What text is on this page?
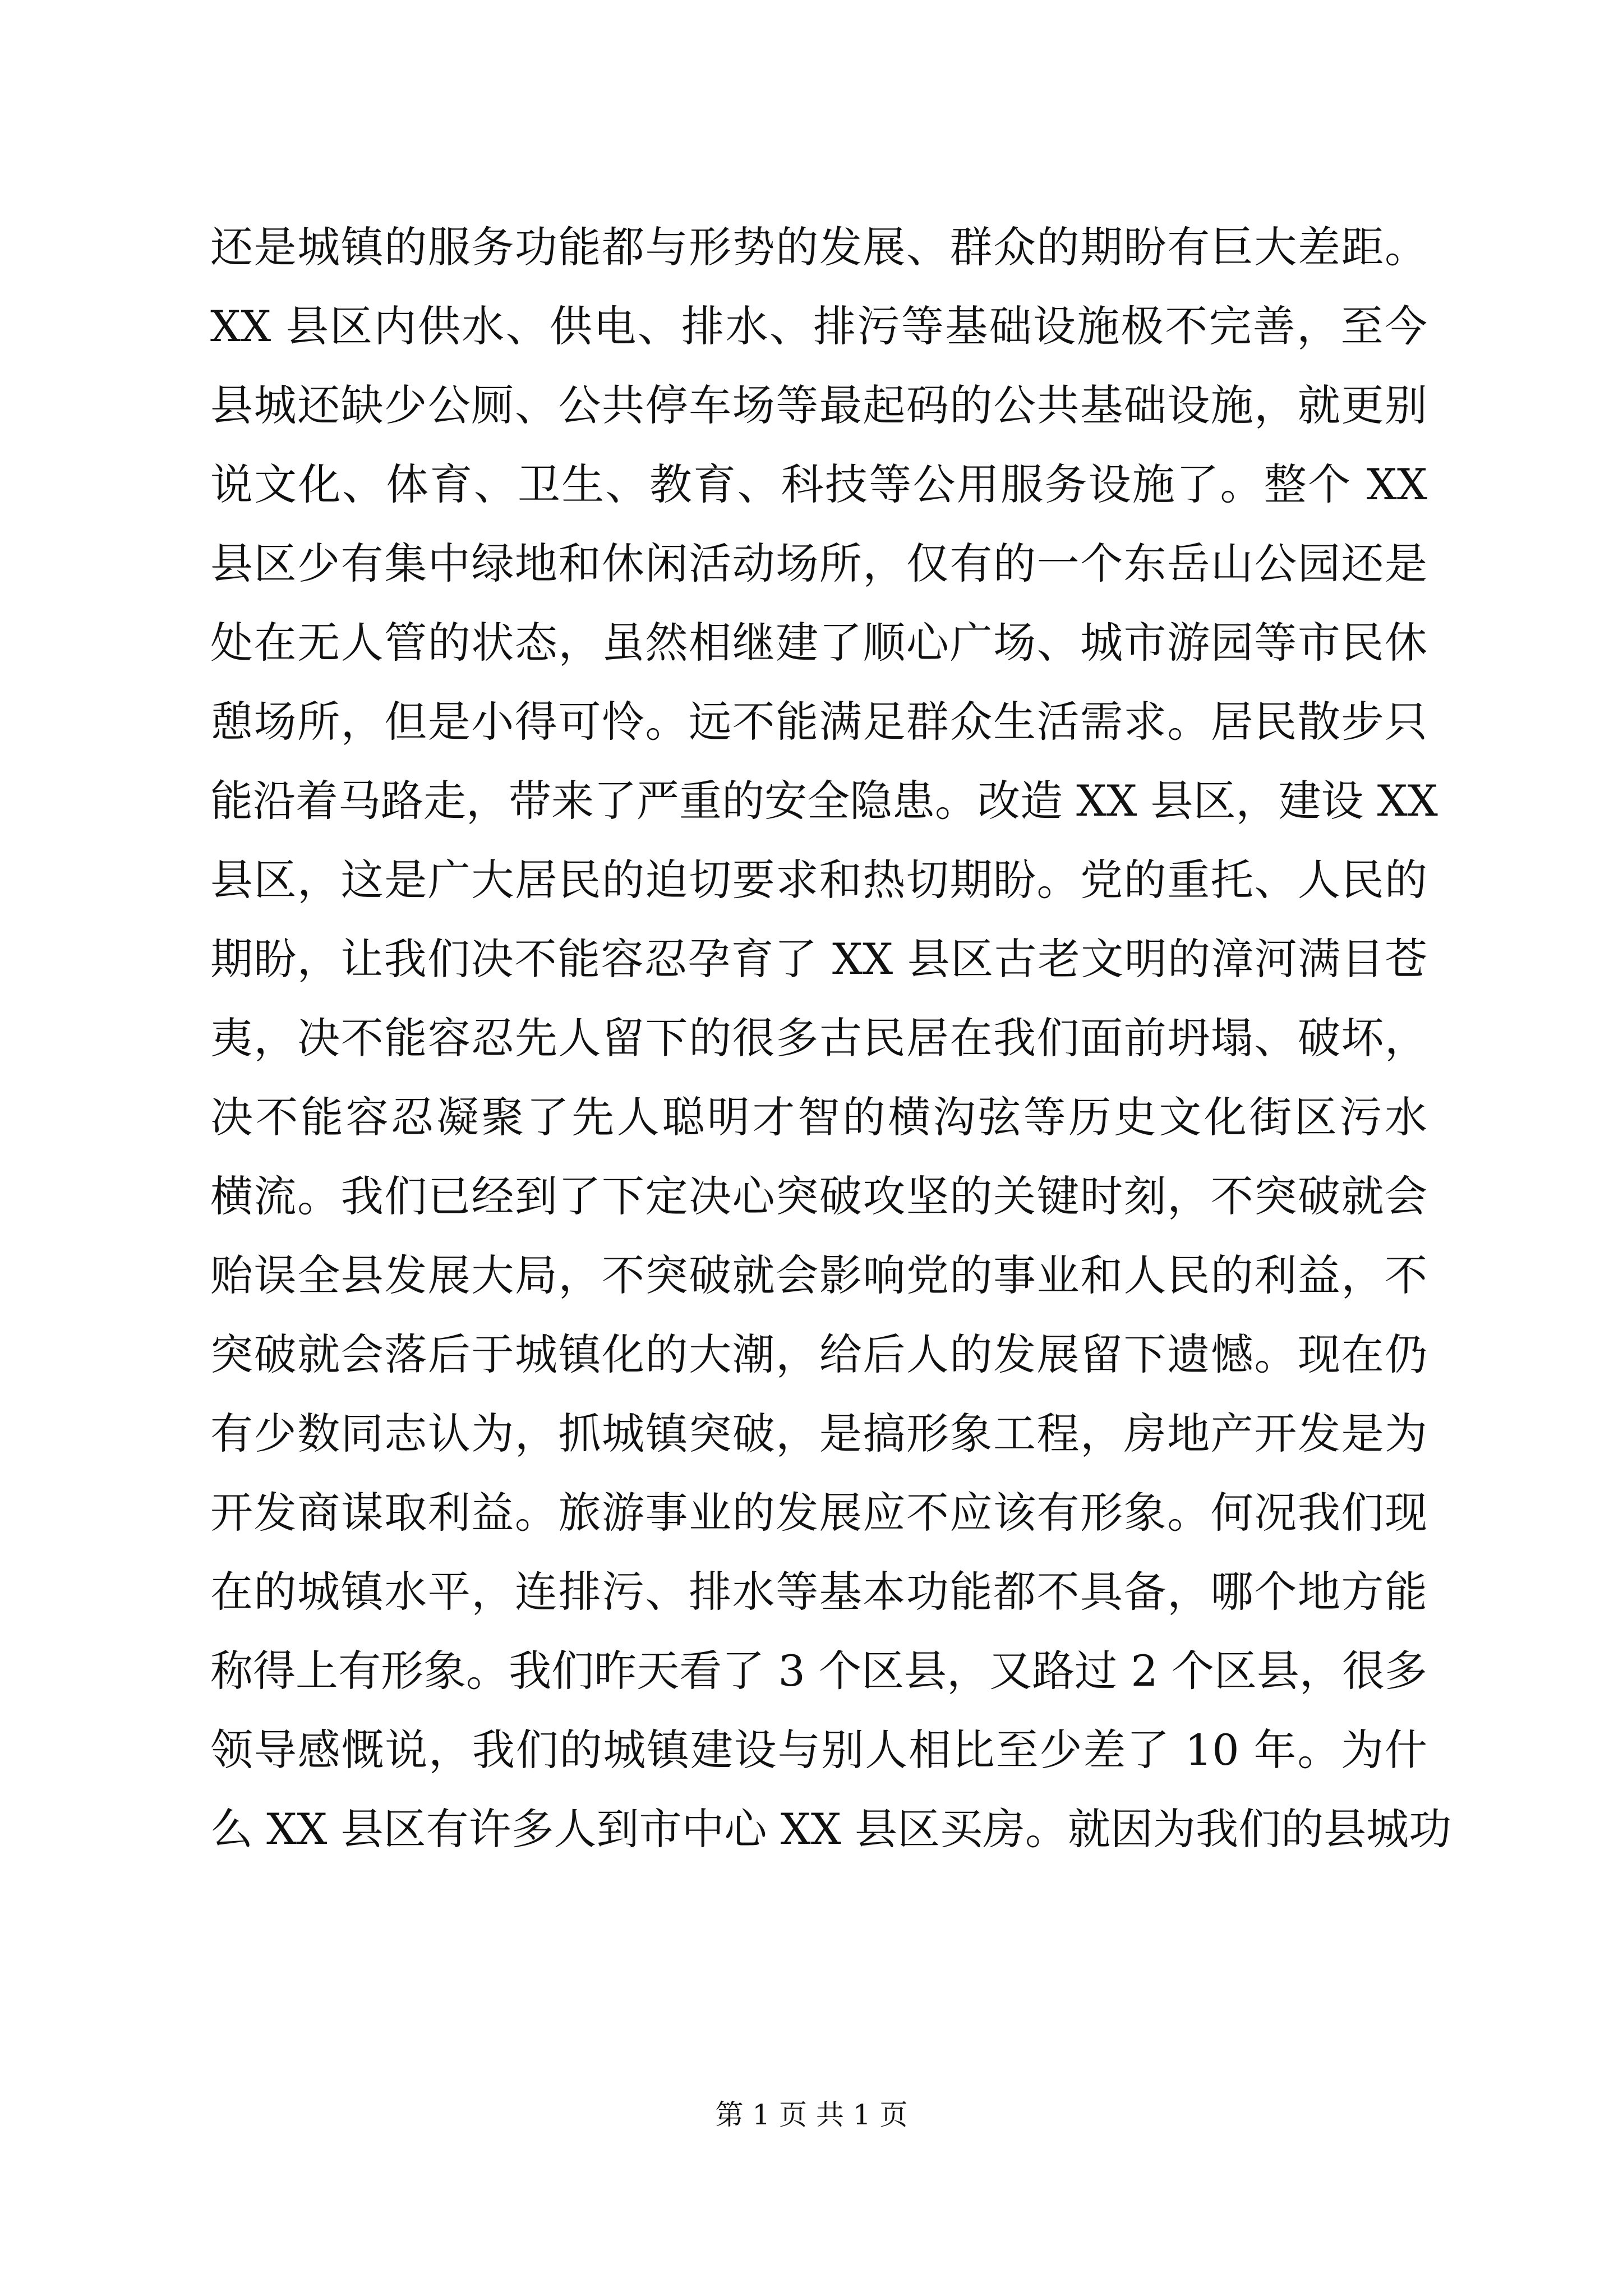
还是城镇的服务功能都与形势的发展、群众的期盼有巨大差距。
XX 县区内供水、供电、排水、排污等基础设施极不完善，至今
县城还缺少公厕、公共停车场等最起码的公共基础设施，就更别
说文化、体育、卫生、教育、科技等公用服务设施了。整个 XX
县区少有集中绿地和休闲活动场所，仅有的一个东岳山公园还是
处在无人管的状态，虽然相继建了顺心广场、城市游园等市民休
憩场所，但是小得可怜。远不能满足群众生活需求。居民散步只
能沿着马路走，带来了严重的安全隐患。改造 XX 县区，建设 XX
县区，这是广大居民的迫切要求和热切期盼。党的重托、人民的
期盼，让我们决不能容忍孕育了 XX 县区古老文明的漳河满目苍
夷，决不能容忍先人留下的很多古民居在我们面前坍塌、破坏，
决不能容忍凝聚了先人聪明才智的横沟弦等历史文化街区污水
横流。我们已经到了下定决心突破攻坚的关键时刻，不突破就会
贻误全县发展大局，不突破就会影响党的事业和人民的利益，不
突破就会落后于城镇化的大潮，给后人的发展留下遗憾。现在仍
有少数同志认为，抓城镇突破，是搞形象工程，房地产开发是为
开发商谋取利益。旅游事业的发展应不应该有形象。何况我们现
在的城镇水平，连排污、排水等基本功能都不具备，哪个地方能
称得上有形象。我们昨天看了 3 个区县，又路过 2 个区县，很多
领导感慨说，我们的城镇建设与别人相比至少差了 10 年。为什
么 XX 县区有许多人到市中心 XX 县区买房。就因为我们的县城功
第 1 页 共 1 页
